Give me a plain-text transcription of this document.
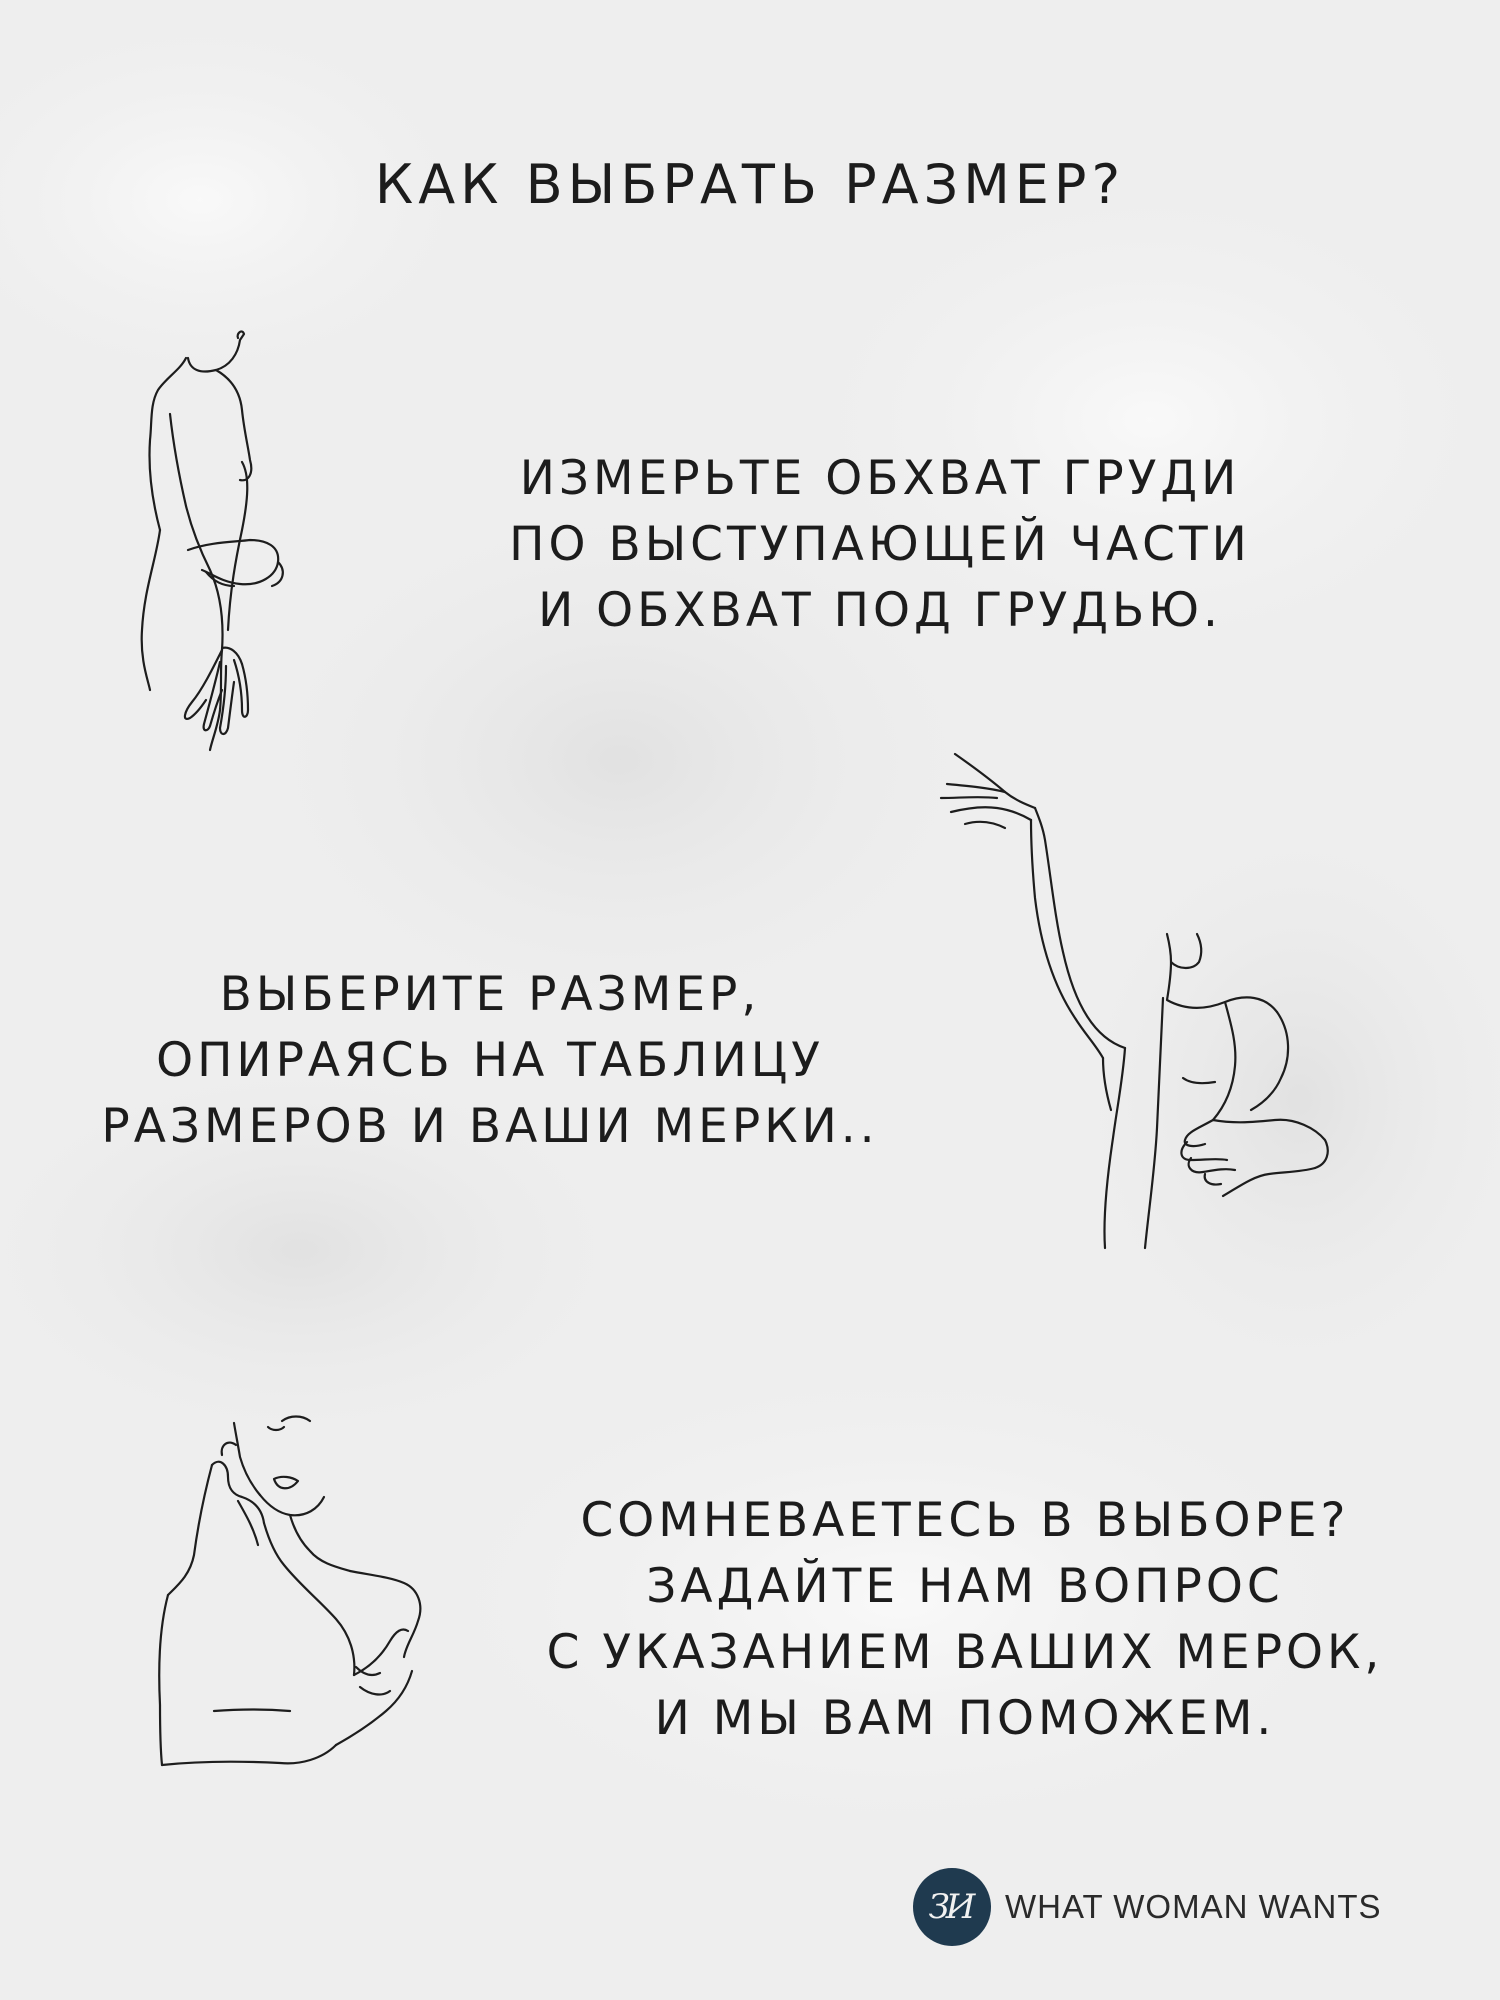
КАК ВЫБРАТЬ РАЗМЕР?
ИЗМЕРЬТЕ ОБХВАТ ГРУДИ
ПО ВЫСТУПАЮЩЕЙ ЧАСТИ
И ОБХВАТ ПОД ГРУДЬЮ.
ВЫБЕРИТЕ РАЗМЕР,
ОПИРАЯСЬ НА ТАБЛИЦУ
РАЗМЕРОВ И ВАШИ МЕРКИ..
СОМНЕВАЕТЕСЬ В ВЫБОРЕ?
ЗАДАЙТЕ НАМ ВОПРОС
С УКАЗАНИЕМ ВАШИХ МЕРОК,
И МЫ ВАМ ПОМОЖЕМ.
ЗИ WHAT WOMAN WANTS
